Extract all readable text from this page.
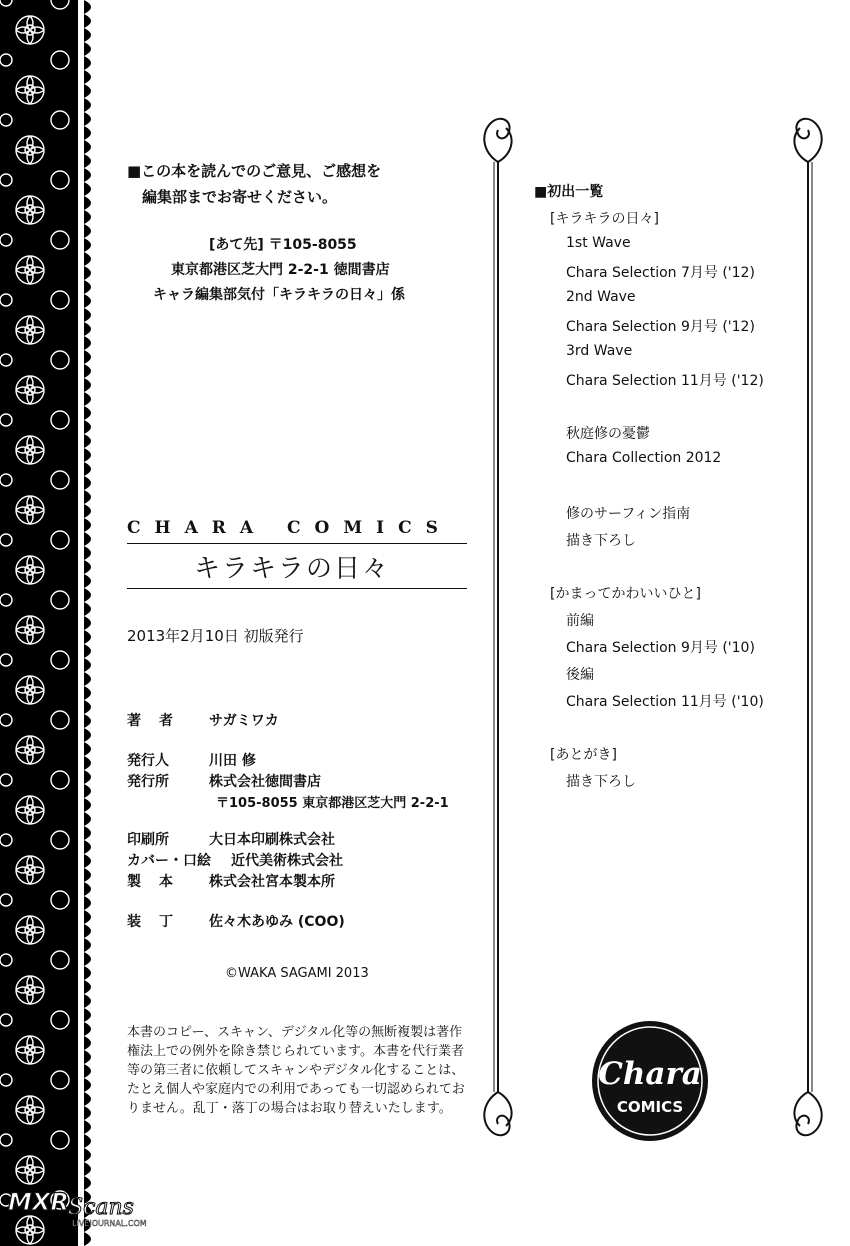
■この本を読んでのご意見、ご感想を
編集部までお寄せください。
[あて先] 〒105-8055
東京都港区芝大門 2-2-1 徳間書店
キャラ編集部気付「キラキラの日々」係
CHARA COMICS
キラキラの日々
2013年2月10日 初版発行
著　者 サガミワカ
発行人	川田 修
発行所	株式会社徳間書店
〒105-8055 東京都港区芝大門 2-2-1
印刷所	大日本印刷株式会社
カバー・口絵 近代美術株式会社
製　本 株式会社宮本製本所
装　丁 佐々木あゆみ (COO)
©WAKA SAGAMI 2013
本書のコピー、スキャン、デジタル化等の無断複製は著作
権法上での例外を除き禁じられています。本書を代行業者
等の第三者に依頼してスキャンやデジタル化することは、
たとえ個人や家庭内での利用であっても一切認められてお
りません。乱丁・落丁の場合はお取り替えいたします。
■初出一覧
[キラキラの日々]
1st Wave
Chara Selection 7月号 ('12)
2nd Wave
Chara Selection 9月号 ('12)
3rd Wave
Chara Selection 11月号 ('12)
秋庭修の憂鬱
Chara Collection 2012
修のサーフィン指南
描き下ろし
[かまってかわいいひと]
前編
Chara Selection 9月号 ('10)
後編
Chara Selection 11月号 ('10)
[あとがき]
描き下ろし
Chara
COMICS
MXR Scans
LIVEJOURNAL.COM
